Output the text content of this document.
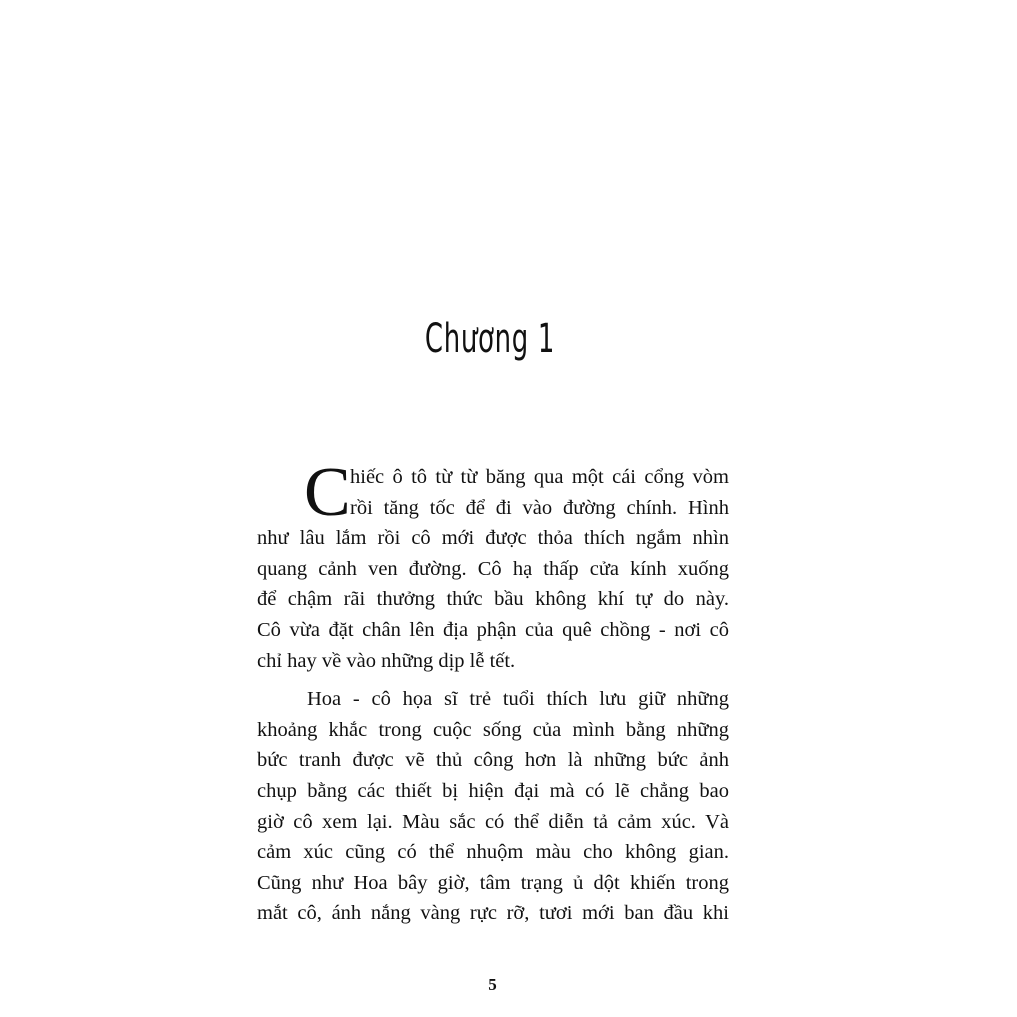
Chương 1
C hiếc ô tô từ từ băng qua một cái cổng vòm
rồi tăng tốc để đi vào đường chính. Hình
như lâu lắm rồi cô mới được thỏa thích ngắm nhìn
quang cảnh ven đường. Cô hạ thấp cửa kính xuống
để chậm rãi thưởng thức bầu không khí tự do này.
Cô vừa đặt chân lên địa phận của quê chồng - nơi cô
chỉ hay về vào những dịp lễ tết.
Hoa - cô họa sĩ trẻ tuổi thích lưu giữ những
khoảng khắc trong cuộc sống của mình bằng những
bức tranh được vẽ thủ công hơn là những bức ảnh
chụp bằng các thiết bị hiện đại mà có lẽ chẳng bao
giờ cô xem lại. Màu sắc có thể diễn tả cảm xúc. Và
cảm xúc cũng có thể nhuộm màu cho không gian.
Cũng như Hoa bây giờ, tâm trạng ủ dột khiến trong
mắt cô, ánh nắng vàng rực rỡ, tươi mới ban đầu khi
5
